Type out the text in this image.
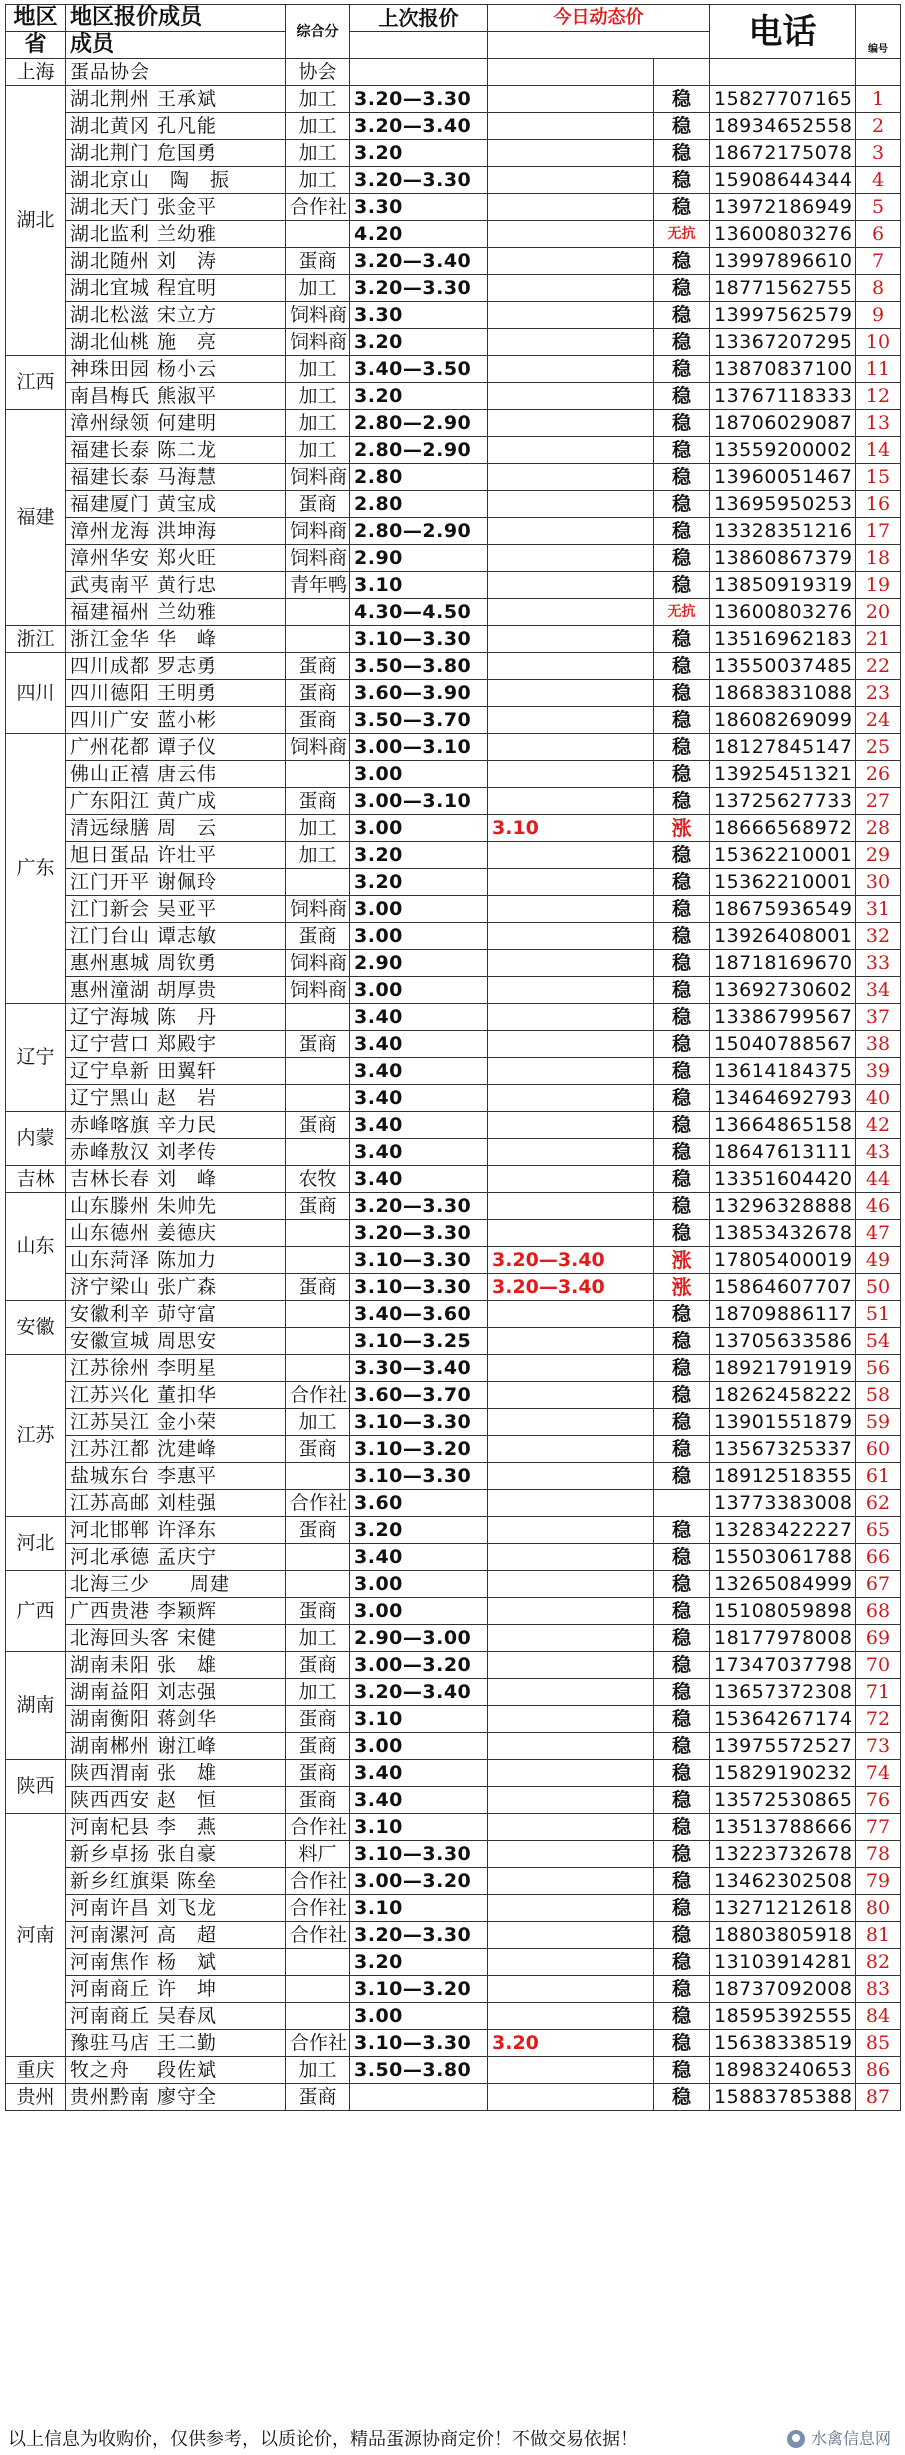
地区	地区报价成员	综合分	上次报价	今日动态价		电话	编号
省	成员						
上海	蛋品协会	协会					
湖北	湖北荆州 王承斌	加工	3.20—3.30		稳	15827707165	1
	湖北黄冈 孔凡能	加工	3.20—3.40		稳	18934652558	2
	湖北荆门 危国勇	加工	3.20		稳	18672175078	3
	湖北京山　陶　振	加工	3.20—3.30		稳	15908644344	4
	湖北天门 张金平	合作社	3.30		稳	13972186949	5
	湖北监利 兰幼雅		4.20		无抗	13600803276	6
	湖北随州 刘　涛	蛋商	3.20—3.40		稳	13997896610	7
	湖北宜城 程宜明	加工	3.20—3.30		稳	18771562755	8
	湖北松滋 宋立方	饲料商	3.30		稳	13997562579	9
	湖北仙桃 施　亮	饲料商	3.20		稳	13367207295	10
江西	神珠田园 杨小云	加工	3.40—3.50		稳	13870837100	11
	南昌梅氏 熊淑平	加工	3.20		稳	13767118333	12
福建	漳州绿领 何建明	加工	2.80—2.90		稳	18706029087	13
	福建长泰 陈二龙	加工	2.80—2.90		稳	13559200002	14
	福建长泰 马海慧	饲料商	2.80		稳	13960051467	15
	福建厦门 黄宝成	蛋商	2.80		稳	13695950253	16
	漳州龙海 洪坤海	饲料商	2.80—2.90		稳	13328351216	17
	漳州华安 郑火旺	饲料商	2.90		稳	13860867379	18
	武夷南平 黄行忠	青年鸭	3.10		稳	13850919319	19
	福建福州 兰幼雅		4.30—4.50		无抗	13600803276	20
浙江	浙江金华 华　峰		3.10—3.30		稳	13516962183	21
四川	四川成都 罗志勇	蛋商	3.50—3.80		稳	13550037485	22
	四川德阳 王明勇	蛋商	3.60—3.90		稳	18683831088	23
	四川广安 蓝小彬	蛋商	3.50—3.70		稳	18608269099	24
广东	广州花都 谭子仪	饲料商	3.00—3.10		稳	18127845147	25
	佛山正禧 唐云伟		3.00		稳	13925451321	26
	广东阳江 黄广成	蛋商	3.00—3.10		稳	13725627733	27
	清远绿膳 周　云	加工	3.00	3.10	涨	18666568972	28
	旭日蛋品 许壮平	加工	3.20		稳	15362210001	29
	江门开平 谢佩玲		3.20		稳	15362210001	30
	江门新会 吴亚平	饲料商	3.00		稳	18675936549	31
	江门台山 谭志敏	蛋商	3.00		稳	13926408001	32
	惠州惠城 周钦勇	饲料商	2.90		稳	18718169670	33
	惠州潼湖 胡厚贵	饲料商	3.00		稳	13692730602	34
辽宁	辽宁海城 陈　丹		3.40		稳	13386799567	37
	辽宁营口 郑殿宇	蛋商	3.40		稳	15040788567	38
	辽宁阜新 田翼轩		3.40		稳	13614184375	39
	辽宁黑山 赵　岩		3.40		稳	13464692793	40
内蒙	赤峰喀旗 辛力民	蛋商	3.40		稳	13664865158	42
	赤峰敖汉 刘孝传		3.40		稳	18647613111	43
吉林	吉林长春 刘　峰	农牧	3.40		稳	13351604420	44
山东	山东滕州 朱帅先	蛋商	3.20—3.30		稳	13296328888	46
	山东德州 姜德庆		3.20—3.30		稳	13853432678	47
	山东菏泽 陈加力		3.10—3.30	3.20—3.40	涨	17805400019	49
	济宁梁山 张广森	蛋商	3.10—3.30	3.20—3.40	涨	15864607707	50
安徽	安徽利辛 茆守富		3.40—3.60		稳	18709886117	51
	安徽宣城 周思安		3.10—3.25		稳	13705633586	54
江苏	江苏徐州 李明星		3.30—3.40		稳	18921791919	56
	江苏兴化 董扣华	合作社	3.60—3.70		稳	18262458222	58
	江苏吴江 金小荣	加工	3.10—3.30		稳	13901551879	59
	江苏江都 沈建峰	蛋商	3.10—3.20		稳	13567325337	60
	盐城东台 李惠平		3.10—3.30		稳	18912518355	61
	江苏高邮 刘桂强	合作社	3.60			13773383008	62
河北	河北邯郸 许泽东	蛋商	3.20		稳	13283422227	65
	河北承德 孟庆宁		3.40		稳	15503061788	66
广西	北海三少　　周建		3.00		稳	13265084999	67
	广西贵港 李颖辉	蛋商	3.00		稳	15108059898	68
	北海回头客 宋健	加工	2.90—3.00		稳	18177978008	69
湖南	湖南耒阳 张　雄	蛋商	3.00—3.20		稳	17347037798	70
	湖南益阳 刘志强	加工	3.20—3.40		稳	13657372308	71
	湖南衡阳 蒋剑华	蛋商	3.10		稳	15364267174	72
	湖南郴州 谢江峰	蛋商	3.00		稳	13975572527	73
陕西	陕西渭南 张　雄	蛋商	3.40		稳	15829190232	74
	陕西西安 赵　恒	蛋商	3.40		稳	13572530865	76
河南	河南杞县 李　燕	合作社	3.10		稳	13513788666	77
	新乡卓扬 张自豪	料厂	3.10—3.30		稳	13223732678	78
	新乡红旗渠 陈垒	合作社	3.00—3.20		稳	13462302508	79
	河南许昌 刘飞龙	合作社	3.10		稳	13271212618	80
	河南漯河 高　超	合作社	3.20—3.30		稳	18803805918	81
	河南焦作 杨　斌		3.20		稳	13103914281	82
	河南商丘 许　坤		3.10—3.20		稳	18737092008	83
	河南商丘 吴春凤		3.00		稳	18595392555	84
	豫驻马店 王二勤	合作社	3.10—3.30	3.20	稳	15638338519	85
重庆	牧之舟　 段佐斌	加工	3.50—3.80		稳	18983240653	86
贵州	贵州黔南 廖守全	蛋商			稳	15883785388	87
以上信息为收购价，仅供参考，以质论价，精品蛋源协商定价！不做交易依据！	水禽信息网
